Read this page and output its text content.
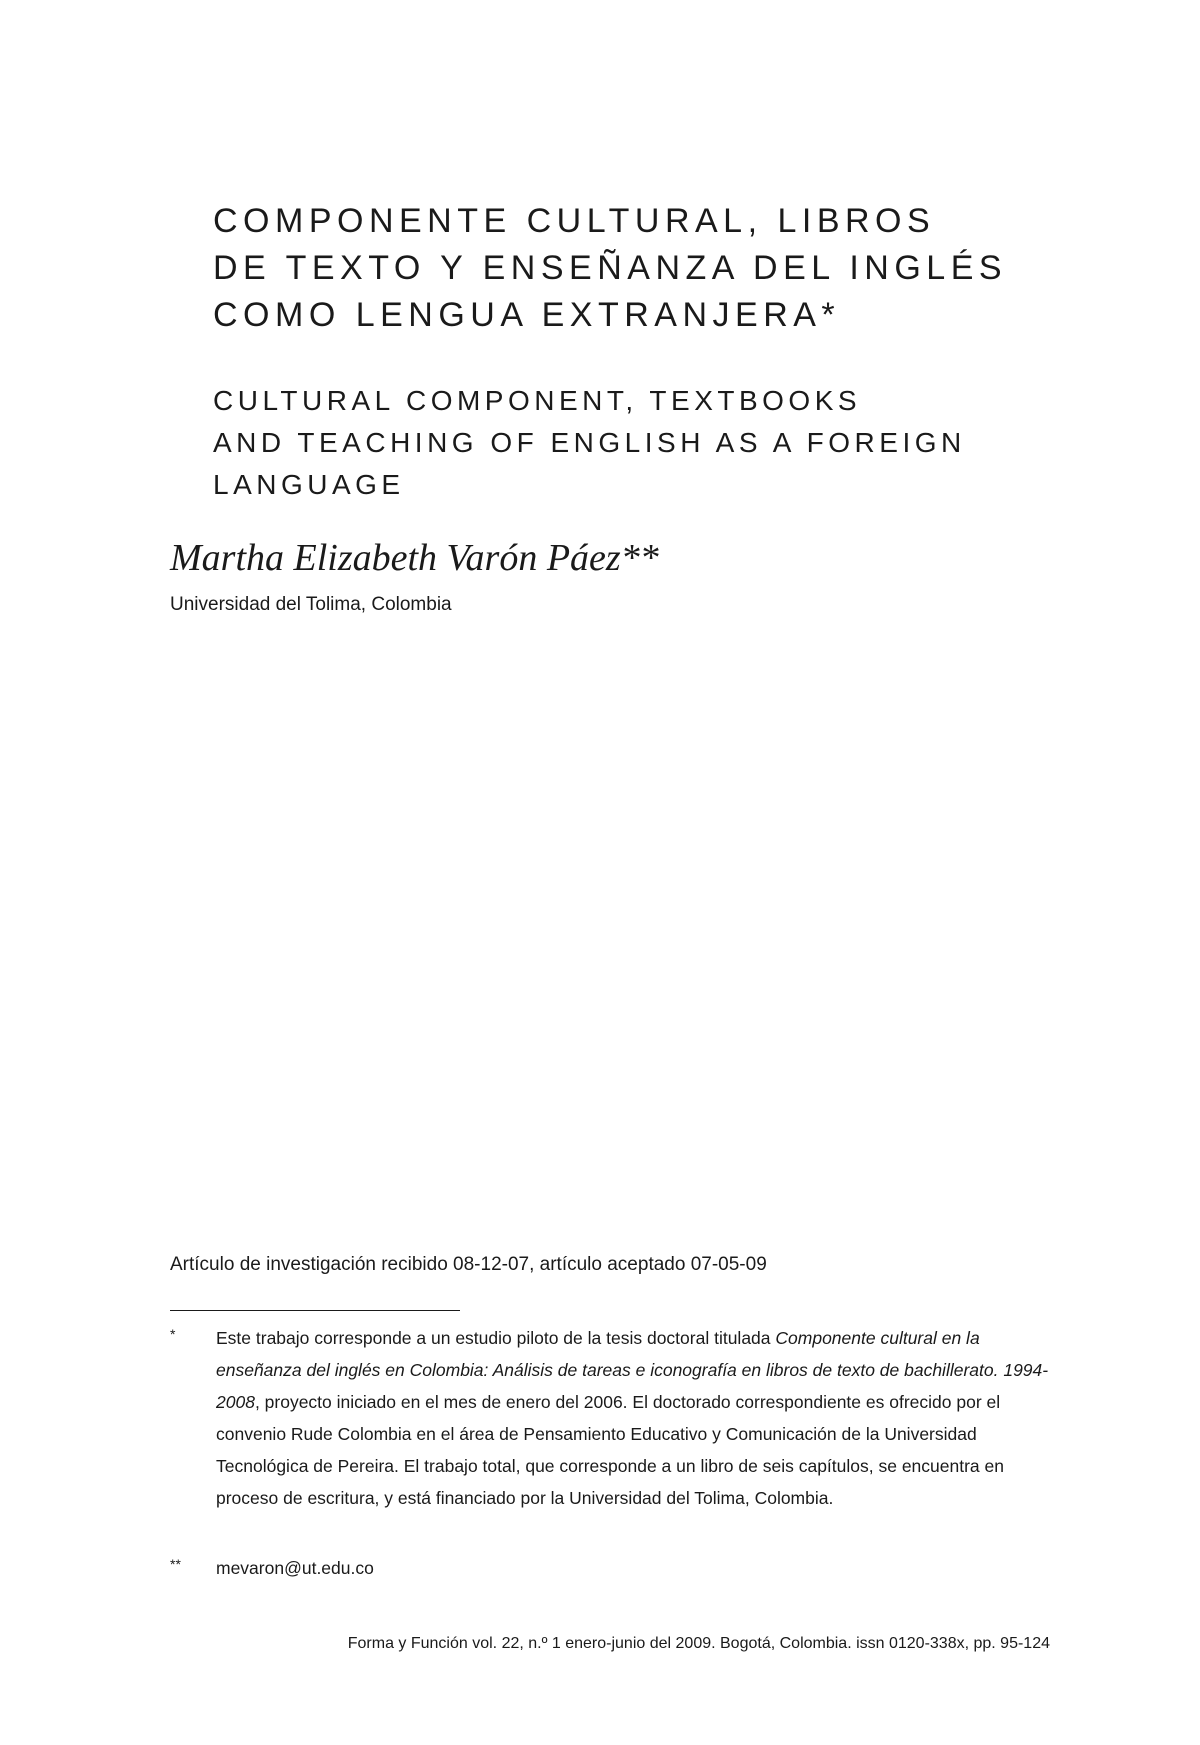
COMPONENTE CULTURAL, LIBROS
DE TEXTO Y ENSEÑANZA DEL INGLÉS
COMO LENGUA EXTRANJERA*
CULTURAL COMPONENT, TEXTBOOKS
AND TEACHING OF ENGLISH AS A FOREIGN
LANGUAGE
Martha Elizabeth Varón Páez**
Universidad del Tolima, Colombia
Artículo de investigación recibido 08-12-07, artículo aceptado 07-05-09
*	Este trabajo corresponde a un estudio piloto de la tesis doctoral titulada Componente cultural en la enseñanza del inglés en Colombia: Análisis de tareas e iconografía en libros de texto de bachillerato. 1994-2008, proyecto iniciado en el mes de enero del 2006. El doctorado correspondiente es ofrecido por el convenio Rude Colombia en el área de Pensamiento Educativo y Comunicación de la Universidad Tecnológica de Pereira. El trabajo total, que corresponde a un libro de seis capítulos, se encuentra en proceso de escritura, y está financiado por la Universidad del Tolima, Colombia.
**	mevaron@ut.edu.co
Forma y Función vol. 22, n.º 1 enero-junio del 2009. Bogotá, Colombia. issn 0120-338x, pp. 95-124
